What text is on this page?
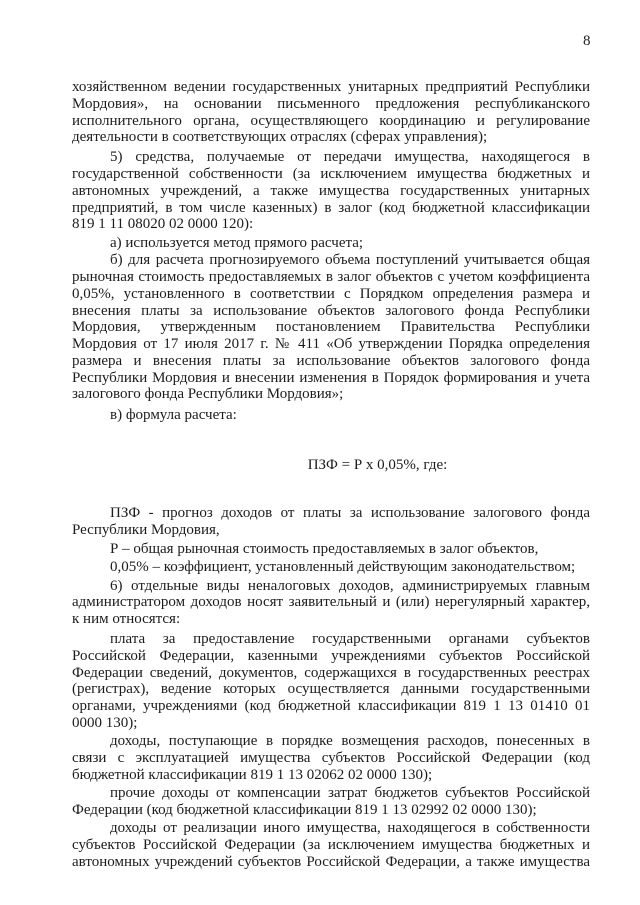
8
хозяйственном ведении государственных унитарных предприятий Республики
Мордовия», на основании письменного предложения республиканского
исполнительного органа, осуществляющего координацию и регулирование
деятельности в соответствующих отраслях (сферах управления);
5) средства, получаемые от передачи имущества, находящегося в
государственной собственности (за исключением имущества бюджетных и
автономных учреждений, а также имущества государственных унитарных
предприятий, в том числе казенных) в залог (код бюджетной классификации
819 1 11 08020 02 0000 120):
а) используется метод прямого расчета;
б) для расчета прогнозируемого объема поступлений учитывается общая
рыночная стоимость предоставляемых в залог объектов с учетом коэффициента
0,05%, установленного в соответствии с Порядком определения размера и
внесения платы за использование объектов залогового фонда Республики
Мордовия, утвержденным постановлением Правительства Республики
Мордовия от 17 июля 2017 г. № 411 «Об утверждении Порядка определения
размера и внесения платы за использование объектов залогового фонда
Республики Мордовия и внесении изменения в Порядок формирования и учета
залогового фонда Республики Мордовия»;
в) формула расчета:
ПЗФ = Р х 0,05%, где:
ПЗФ - прогноз доходов от платы за использование залогового фонда
Республики Мордовия,
Р – общая рыночная стоимость предоставляемых в залог объектов,
0,05% – коэффициент, установленный действующим законодательством;
6) отдельные виды неналоговых доходов, администрируемых главным
администратором доходов носят заявительный и (или) нерегулярный характер,
к ним относятся:
плата за предоставление государственными органами субъектов
Российской Федерации, казенными учреждениями субъектов Российской
Федерации сведений, документов, содержащихся в государственных реестрах
(регистрах), ведение которых осуществляется данными государственными
органами, учреждениями (код бюджетной классификации 819 1 13 01410 01
0000 130);
доходы, поступающие в порядке возмещения расходов, понесенных в
связи с эксплуатацией имущества субъектов Российской Федерации (код
бюджетной классификации 819 1 13 02062 02 0000 130);
прочие доходы от компенсации затрат бюджетов субъектов Российской
Федерации (код бюджетной классификации 819 1 13 02992 02 0000 130);
доходы от реализации иного имущества, находящегося в собственности
субъектов Российской Федерации (за исключением имущества бюджетных и
автономных учреждений субъектов Российской Федерации, а также имущества
